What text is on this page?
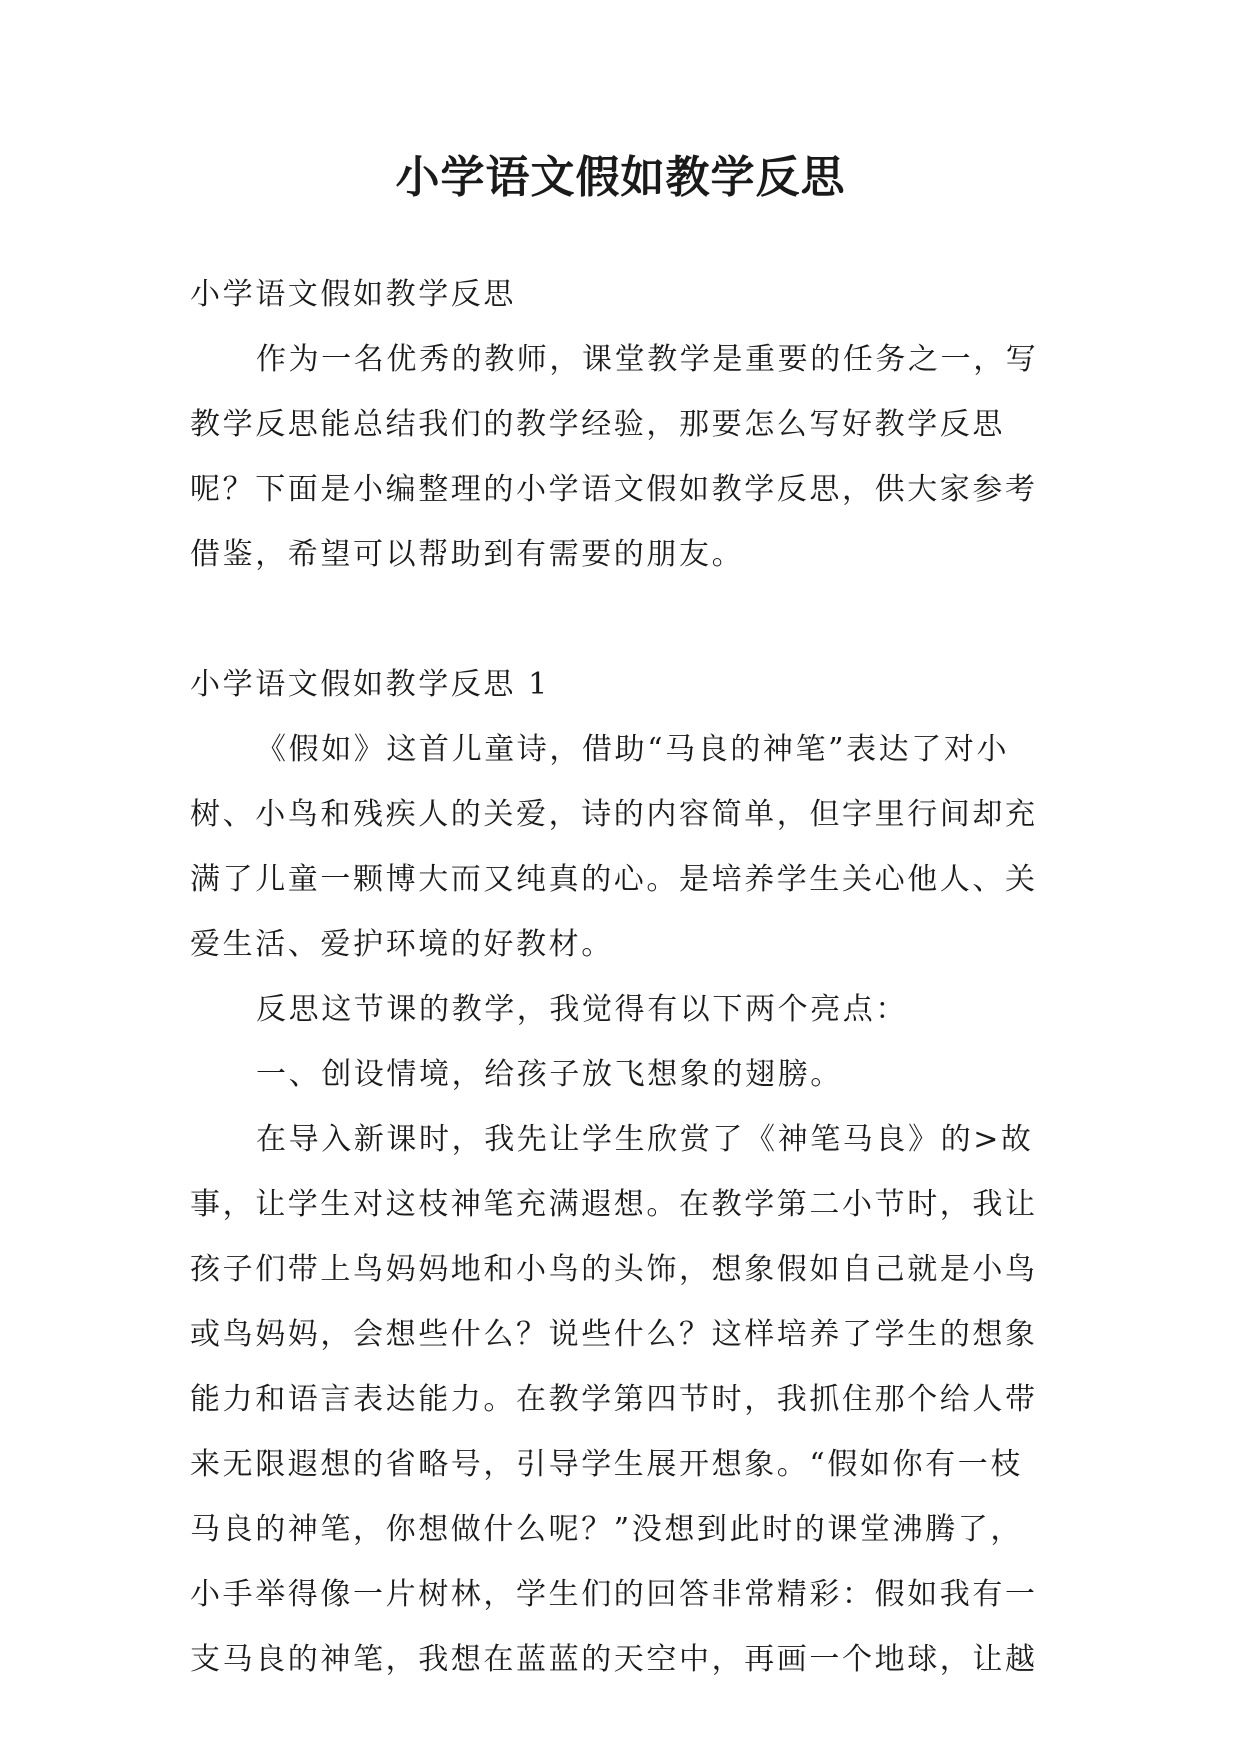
小学语文假如教学反思

小学语文假如教学反思

作为一名优秀的教师，课堂教学是重要的任务之一，写

教学反思能总结我们的教学经验，那要怎么写好教学反思

呢？下面是小编整理的小学语文假如教学反思，供大家参考

借鉴，希望可以帮助到有需要的朋友。

小学语文假如教学反思 1

《假如》这首儿童诗，借助“马良的神笔”表达了对小

树、小鸟和残疾人的关爱，诗的内容简单，但字里行间却充

满了儿童一颗博大而又纯真的心。是培养学生关心他人、关

爱生活、爱护环境的好教材。

反思这节课的教学，我觉得有以下两个亮点：

一、创设情境，给孩子放飞想象的翅膀。

在导入新课时，我先让学生欣赏了《神笔马良》的>故

事，让学生对这枝神笔充满遐想。在教学第二小节时，我让

孩子们带上鸟妈妈地和小鸟的头饰，想象假如自己就是小鸟

或鸟妈妈，会想些什么？说些什么？这样培养了学生的想象

能力和语言表达能力。在教学第四节时，我抓住那个给人带

来无限遐想的省略号，引导学生展开想象。“假如你有一枝

马良的神笔，你想做什么呢？”没想到此时的课堂沸腾了，

小手举得像一片树林，学生们的回答非常精彩：假如我有一

支马良的神笔，我想在蓝蓝的天空中，再画一个地球，让越
